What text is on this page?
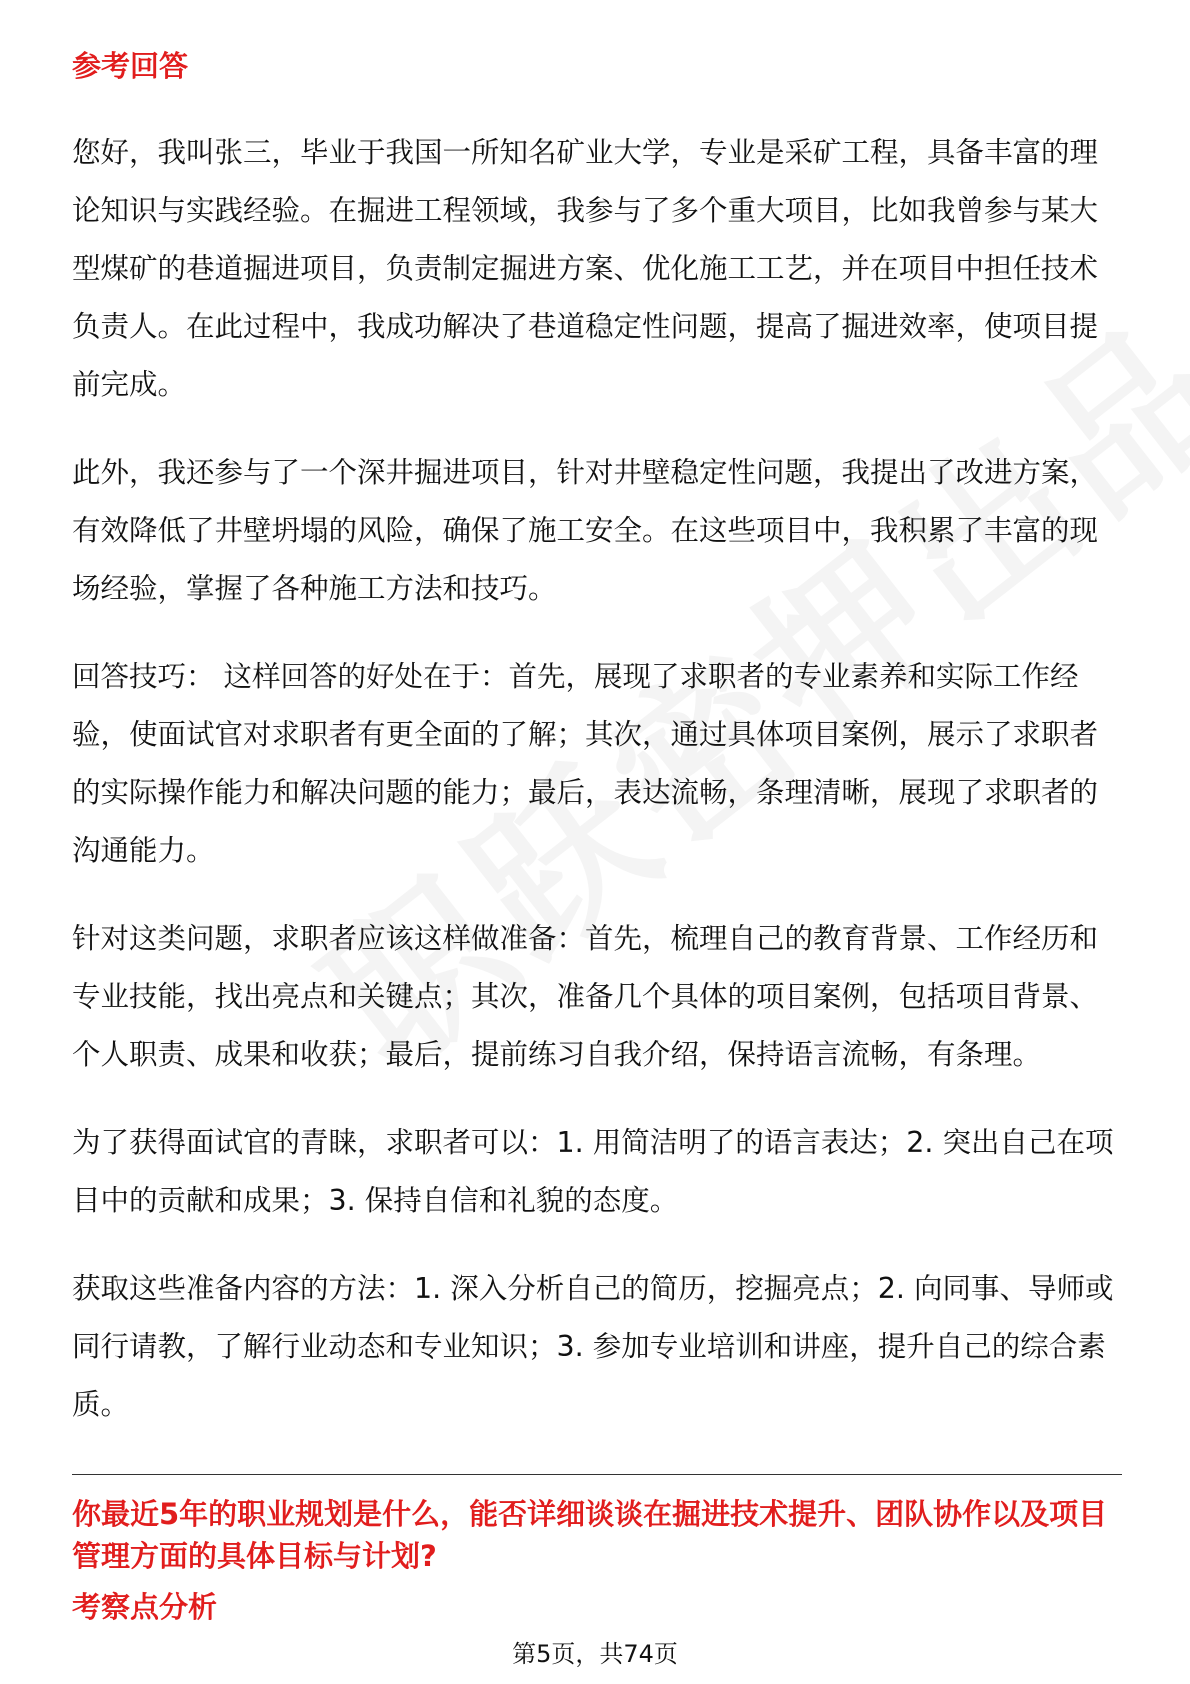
参考回答

您好，我叫张三，毕业于我国一所知名矿业大学，专业是采矿工程，具备丰富的理论知识与实践经验。在掘进工程领域，我参与了多个重大项目，比如我曾参与某大型煤矿的巷道掘进项目，负责制定掘进方案、优化施工工艺，并在项目中担任技术负责人。在此过程中，我成功解决了巷道稳定性问题，提高了掘进效率，使项目提前完成。

此外，我还参与了一个深井掘进项目，针对井壁稳定性问题，我提出了改进方案，有效降低了井壁坍塌的风险，确保了施工安全。在这些项目中，我积累了丰富的现场经验，掌握了各种施工方法和技巧。

回答技巧： 这样回答的好处在于：首先，展现了求职者的专业素养和实际工作经验，使面试官对求职者有更全面的了解；其次，通过具体项目案例，展示了求职者的实际操作能力和解决问题的能力；最后，表达流畅，条理清晰，展现了求职者的沟通能力。

针对这类问题，求职者应该这样做准备：首先，梳理自己的教育背景、工作经历和专业技能，找出亮点和关键点；其次，准备几个具体的项目案例，包括项目背景、个人职责、成果和收获；最后，提前练习自我介绍，保持语言流畅，有条理。

为了获得面试官的青睐，求职者可以：1. 用简洁明了的语言表达；2. 突出自己在项目中的贡献和成果；3. 保持自信和礼貌的态度。

获取这些准备内容的方法：1. 深入分析自己的简历，挖掘亮点；2. 向同事、导师或同行请教，了解行业动态和专业知识；3. 参加专业培训和讲座，提升自己的综合素质。

你最近5年的职业规划是什么，能否详细谈谈在掘进技术提升、团队协作以及项目管理方面的具体目标与计划?

考察点分析
第5页，共74页
